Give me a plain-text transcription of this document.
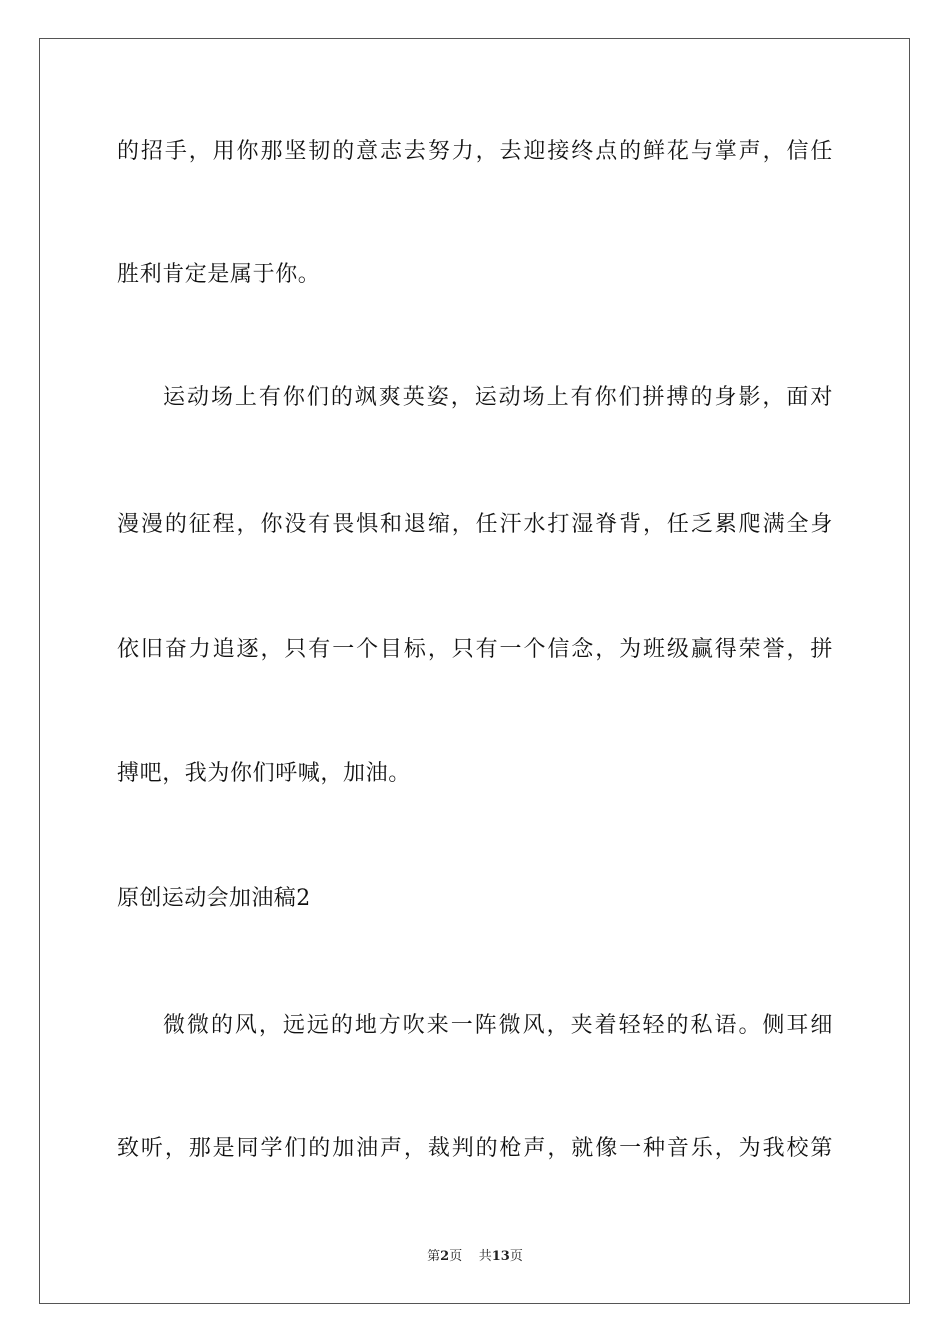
的招手，用你那坚韧的意志去努力，去迎接终点的鲜花与掌声，信任
胜利肯定是属于你。
运动场上有你们的飒爽英姿，运动场上有你们拼搏的身影，面对
漫漫的征程，你没有畏惧和退缩，任汗水打湿脊背，任乏累爬满全身
依旧奋力追逐，只有一个目标，只有一个信念，为班级赢得荣誉，拼
搏吧，我为你们呼喊，加油。
原创运动会加油稿2
微微的风，远远的地方吹来一阵微风，夹着轻轻的私语。侧耳细
致听，那是同学们的加油声，裁判的枪声，就像一种音乐，为我校第
第2页 共13页
